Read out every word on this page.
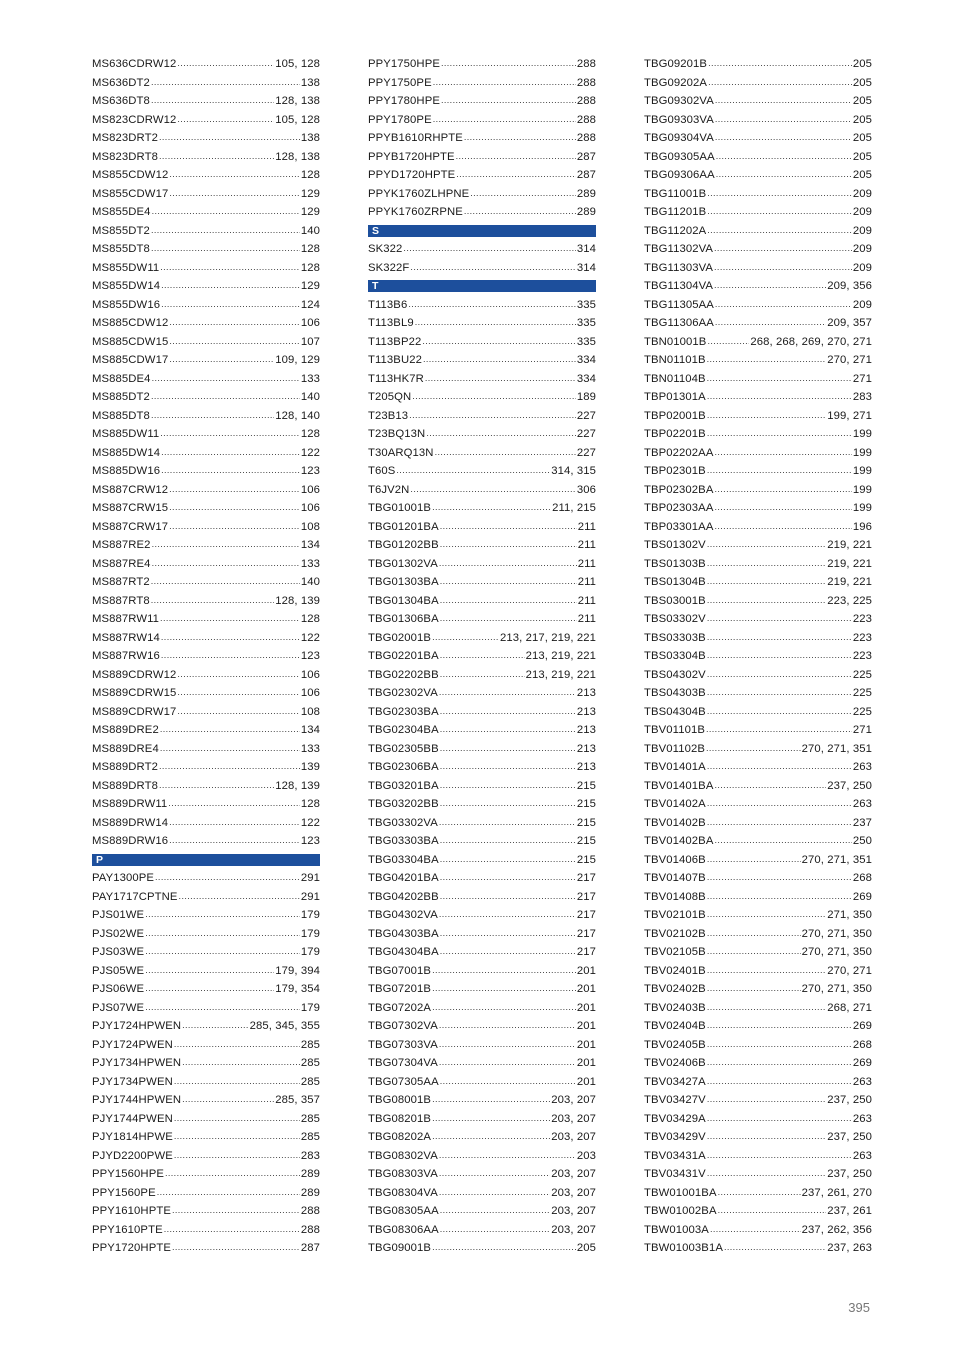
MS636CDRW12 .....	105, 128
MS636DT2 .....	138
MS636DT8 .....	128, 138
MS823CDRW12 .....	105, 128
MS823DRT2 .....	138
MS823DRT8 .....	128, 138
MS855CDW12 .....	128
MS855CDW17 .....	129
MS855DE4 .....	129
MS855DT2 .....	140
MS855DT8 .....	128
MS855DW11 .....	128
MS855DW14 .....	129
MS855DW16 .....	124
MS885CDW12 .....	106
MS885CDW15 .....	107
MS885CDW17 .....	109, 129
MS885DE4 .....	133
MS885DT2 .....	140
MS885DT8 .....	128, 140
MS885DW11 .....	128
MS885DW14 .....	122
MS885DW16 .....	123
MS887CRW12 .....	106
MS887CRW15 .....	106
MS887CRW17 .....	108
MS887RE2 .....	134
MS887RE4 .....	133
MS887RT2 .....	140
MS887RT8 .....	128, 139
MS887RW11 .....	128
MS887RW14 .....	122
MS887RW16 .....	123
MS889CDRW12 .....	106
MS889CDRW15 .....	106
MS889CDRW17 .....	108
MS889DRE2 .....	134
MS889DRE4 .....	133
MS889DRT2 .....	139
MS889DRT8 .....	128, 139
MS889DRW11 .....	128
MS889DRW14 .....	122
MS889DRW16 .....	123
P
PAY1300PE .....	291
PAY1717CPTNE .....	291
PJS01WE .....	179
PJS02WE .....	179
PJS03WE .....	179
PJS05WE .....	179, 394
PJS06WE .....	179, 354
PJS07WE .....	179
PJY1724HPWEN .....	285, 345, 355
PJY1724PWEN .....	285
PJY1734HPWEN .....	285
PJY1734PWEN .....	285
PJY1744HPWEN .....	285, 357
PJY1744PWEN .....	285
PJY1814HPWE .....	285
PJYD2200PWE .....	283
PPY1560HPE .....	289
PPY1560PE .....	289
PPY1610HPTE .....	288
PPY1610PTE .....	288
PPY1720HPTE .....	287
PPY1750HPE .....	288
PPY1750PE .....	288
PPY1780HPE .....	288
PPY1780PE .....	288
PPYB1610RHPTE .....	288
PPYB1720HPTE .....	287
PPYD1720HPTE .....	287
PPYK1760ZLHPNE .....	289
PPYK1760ZRPNE .....	289
S
SK322 .....	314
SK322F .....	314
T
T113B6 .....	335
T113BL9 .....	335
T113BP22 .....	335
T113BU22 .....	334
T113HK7R .....	334
T205QN .....	189
T23B13 .....	227
T23BQ13N .....	227
T30ARQ13N .....	227
T60S .....	314, 315
T6JV2N .....	306
TBG01001B .....	211, 215
TBG01201BA .....	211
TBG01202BB .....	211
TBG01302VA .....	211
TBG01303BA .....	211
TBG01304BA .....	211
TBG01306BA .....	211
TBG02001B .....	213, 217, 219, 221
TBG02201BA .....	213, 219, 221
TBG02202BB .....	213, 219, 221
TBG02302VA .....	213
TBG02303BA .....	213
TBG02304BA .....	213
TBG02305BB .....	213
TBG02306BA .....	213
TBG03201BA .....	215
TBG03202BB .....	215
TBG03302VA .....	215
TBG03303BA .....	215
TBG03304BA .....	215
TBG04201BA .....	217
TBG04202BB .....	217
TBG04302VA .....	217
TBG04303BA .....	217
TBG04304BA .....	217
TBG07001B .....	201
TBG07201B .....	201
TBG07202A .....	201
TBG07302VA .....	201
TBG07303VA .....	201
TBG07304VA .....	201
TBG07305AA .....	201
TBG08001B .....	203, 207
TBG08201B .....	203, 207
TBG08202A .....	203, 207
TBG08302VA .....	203
TBG08303VA .....	203, 207
TBG08304VA .....	203, 207
TBG08305AA .....	203, 207
TBG08306AA .....	203, 207
TBG09001B .....	205
TBG09201B .....	205
TBG09202A .....	205
TBG09302VA .....	205
TBG09303VA .....	205
TBG09304VA .....	205
TBG09305AA .....	205
TBG09306AA .....	205
TBG11001B .....	209
TBG11201B .....	209
TBG11202A .....	209
TBG11302VA .....	209
TBG11303VA .....	209
TBG11304VA .....	209, 356
TBG11305AA .....	209
TBG11306AA .....	209, 357
TBN01001B .....	268, 268, 269, 270, 271
TBN01101B .....	270, 271
TBN01104B .....	271
TBP01301A .....	283
TBP02001B .....	199, 271
TBP02201B .....	199
TBP02202AA .....	199
TBP02301B .....	199
TBP02302BA .....	199
TBP02303AA .....	199
TBP03301AA .....	196
TBS01302V .....	219, 221
TBS01303B .....	219, 221
TBS01304B .....	219, 221
TBS03001B .....	223, 225
TBS03302V .....	223
TBS03303B .....	223
TBS03304B .....	223
TBS04302V .....	225
TBS04303B .....	225
TBS04304B .....	225
TBV01101B .....	271
TBV01102B .....	270, 271, 351
TBV01401A .....	263
TBV01401BA .....	237, 250
TBV01402A .....	263
TBV01402B .....	237
TBV01402BA .....	250
TBV01406B .....	270, 271, 351
TBV01407B .....	268
TBV01408B .....	269
TBV02101B .....	271, 350
TBV02102B .....	270, 271, 350
TBV02105B .....	270, 271, 350
TBV02401B .....	270, 271
TBV02402B .....	270, 271, 350
TBV02403B .....	268, 271
TBV02404B .....	269
TBV02405B .....	268
TBV02406B .....	269
TBV03427A .....	263
TBV03427V .....	237, 250
TBV03429A .....	263
TBV03429V .....	237, 250
TBV03431A .....	263
TBV03431V .....	237, 250
TBW01001BA .....	237, 261, 270
TBW01002BA .....	237, 261
TBW01003A .....	237, 262, 356
TBW01003B1A .....	237, 263
395
